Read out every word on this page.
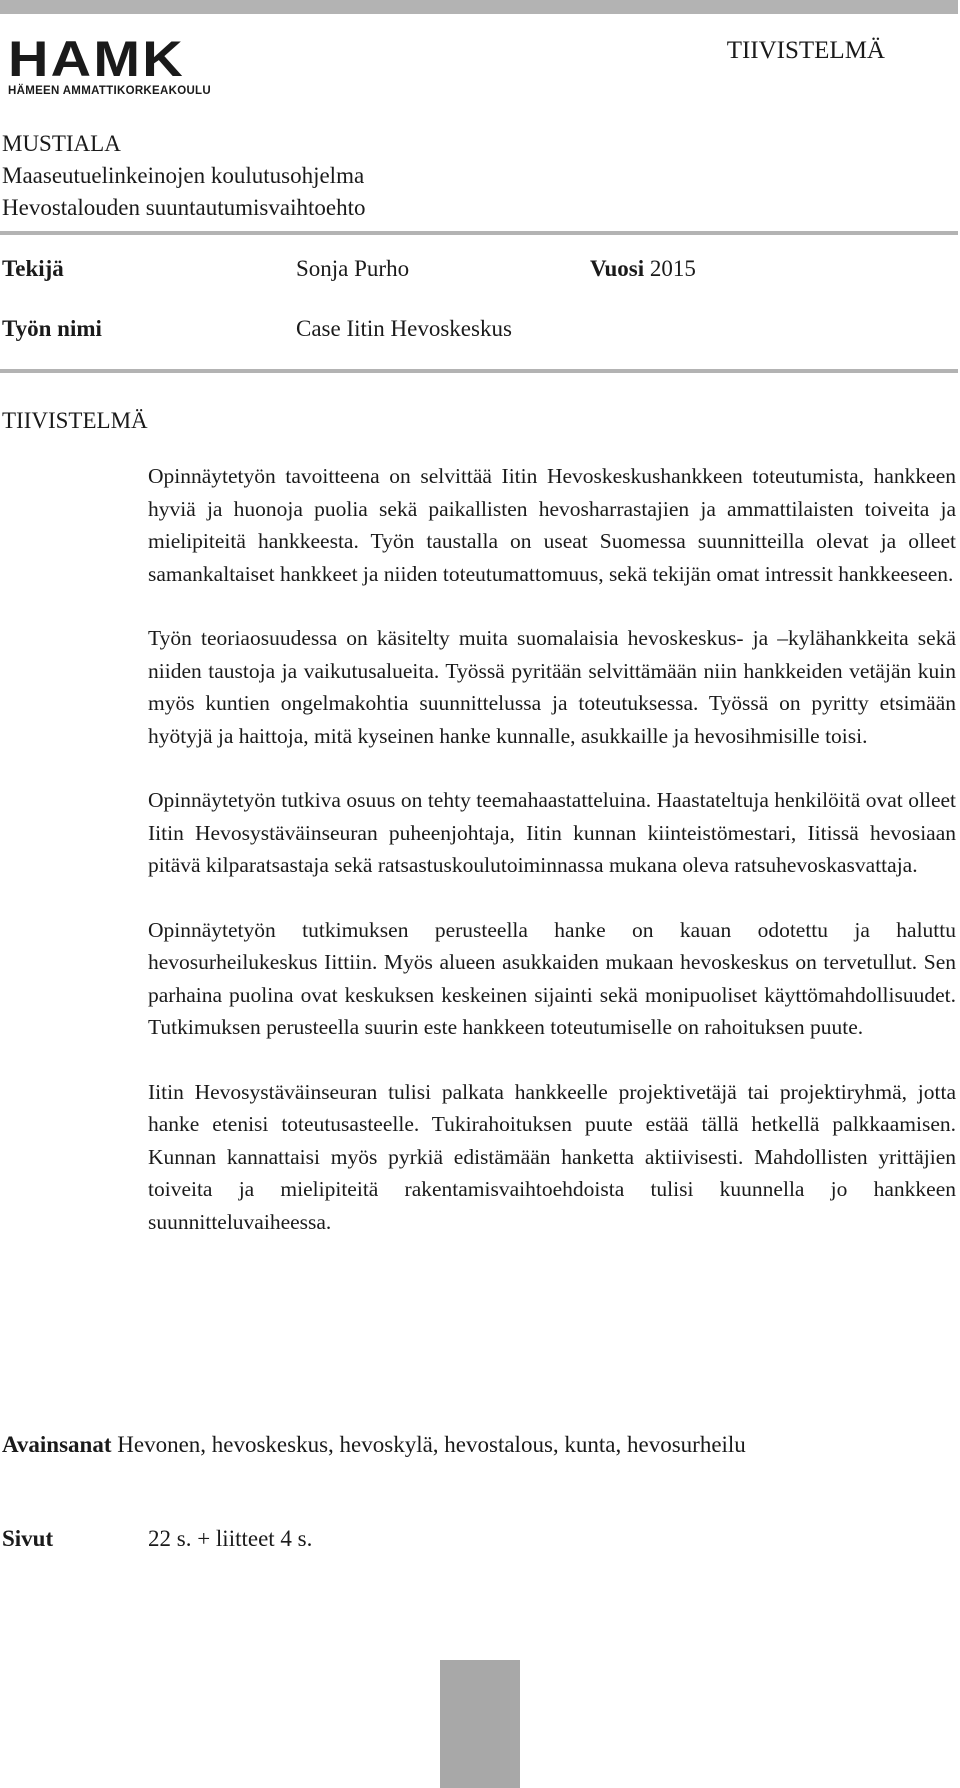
HAMK
HÄMEEN AMMATTIKORKEAKOULU
TIIVISTELMÄ
MUSTIALA
Maaseutuelinkeinojen koulutusohjelma
Hevostalouden suuntautumisvaihtoehto
Tekijä	Sonja Purho	Vuosi 2015
Työn nimi	Case Iitin Hevoskeskus
TIIVISTELMÄ

Opinnäytetyön tavoitteena on selvittää Iitin Hevoskeskushankkeen toteutumista, hankkeen hyviä ja huonoja puolia sekä paikallisten hevosharrastajien ja ammattilaisten toiveita ja mielipiteitä hankkeesta. Työn taustalla on useat Suomessa suunnitteilla olevat ja olleet samankaltaiset hankkeet ja niiden toteutumattomuus, sekä tekijän omat intressit hankkeeseen.

Työn teoriaosuudessa on käsitelty muita suomalaisia hevoskeskus- ja –kylähankkeita sekä niiden taustoja ja vaikutusalueita. Työssä pyritään selvittämään niin hankkeiden vetäjän kuin myös kuntien ongelmakohtia suunnittelussa ja toteutuksessa. Työssä on pyritty etsimään hyötyjä ja haittoja, mitä kyseinen hanke kunnalle, asukkaille ja hevosihmisille toisi.

Opinnäytetyön tutkiva osuus on tehty teemahaastatteluina. Haastateltuja henkilöitä ovat olleet Iitin Hevosystäväinseuran puheenjohtaja, Iitin kunnan kiinteistömestari, Iitissä hevosiaan pitävä kilparatsastaja sekä ratsastuskoulutoiminnassa mukana oleva ratsuhevoskasvattaja.

Opinnäytetyön tutkimuksen perusteella hanke on kauan odotettu ja haluttu hevosurheilukeskus Iittiin. Myös alueen asukkaiden mukaan hevoskeskus on tervetullut. Sen parhaina puolina ovat keskuksen keskeinen sijainti sekä monipuoliset käyttömahdollisuudet. Tutkimuksen perusteella suurin este hankkeen toteutumiselle on rahoituksen puute.

Iitin Hevosystäväinseuran tulisi palkata hankkeelle projektivetäjä tai projektiryhmä, jotta hanke etenisi toteutusasteelle. Tukirahoituksen puute estää tällä hetkellä palkkaamisen. Kunnan kannattaisi myös pyrkiä edistämään hanketta aktiivisesti. Mahdollisten yrittäjien toiveita ja mielipiteitä rakentamisvaihtoehdoista tulisi kuunnella jo hankkeen suunnitteluvaiheessa.

Avainsanat Hevonen, hevoskeskus, hevoskylä, hevostalous, kunta, hevosurheilu
Sivut	22 s. + liitteet 4 s.
